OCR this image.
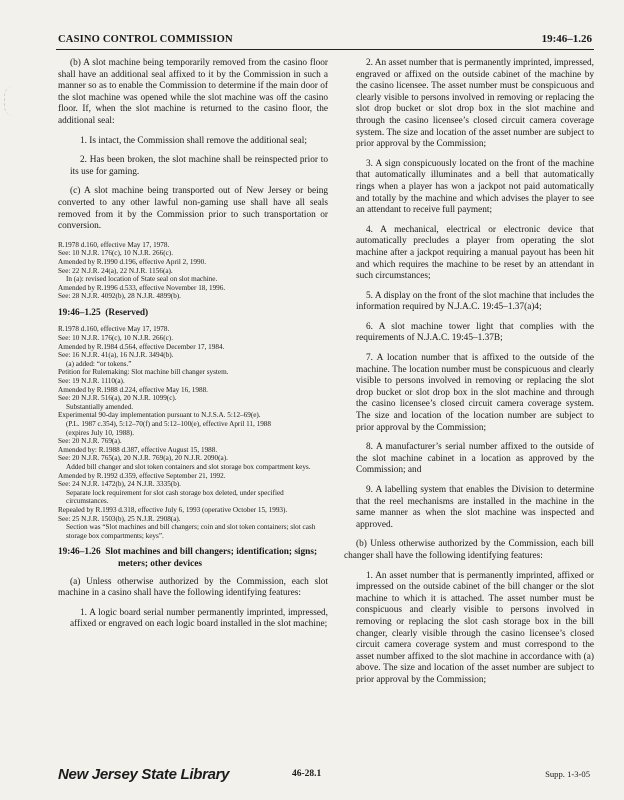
CASINO CONTROL COMMISSION	19:46–1.26

(b) A slot machine being temporarily removed from the casino floor shall have an additional seal affixed to it by the Commission in such a manner so as to enable the Commission to determine if the main door of the slot machine was opened while the slot machine was off the casino floor. If, when the slot machine is returned to the casino floor, the additional seal:

1. Is intact, the Commission shall remove the additional seal;

2. Has been broken, the slot machine shall be reinspected prior to its use for gaming.

(c) A slot machine being transported out of New Jersey or being converted to any other lawful non-gaming use shall have all seals removed from it by the Commission prior to such transportation or conversion.

R.1978 d.160, effective May 17, 1978.
See: 10 N.J.R. 176(c), 10 N.J.R. 266(c).
Amended by R.1990 d.196, effective April 2, 1990.
See: 22 N.J.R. 24(a), 22 N.J.R. 1156(a).
In (a): revised location of State seal on slot machine.
Amended by R.1996 d.533, effective November 18, 1996.
See: 28 N.J.R. 4092(b), 28 N.J.R. 4899(b).
19:46–1.25 (Reserved)
R.1978 d.160, effective May 17, 1978.
See: 10 N.J.R. 176(c), 10 N.J.R. 266(c).
Amended by R.1984 d.564, effective December 17, 1984.
See: 16 N.J.R. 41(a), 16 N.J.R. 3494(b).
(a) added: “or tokens.”
Petition for Rulemaking: Slot machine bill changer system.
See: 19 N.J.R. 1110(a).
Amended by R.1988 d.224, effective May 16, 1988.
See: 20 N.J.R. 516(a), 20 N.J.R. 1099(c).
Substantially amended.
Experimental 90-day implementation pursuant to N.J.S.A. 5:12–69(e).
(P.L. 1987 c.354), 5:12–70(f) and 5:12–100(e), effective April 11, 1988
(expires July 10, 1988).
See: 20 N.J.R. 769(a).
Amended by: R.1988 d.387, effective August 15, 1988.
See: 20 N.J.R. 765(a), 20 N.J.R. 769(a), 20 N.J.R. 2090(a).
Added bill changer and slot token containers and slot storage box compartment keys.
Amended by R.1992 d.359, effective September 21, 1992.
See: 24 N.J.R. 1472(b), 24 N.J.R. 3335(b).
Separate lock requirement for slot cash storage box deleted, under specified circumstances.
Repealed by R.1993 d.318, effective July 6, 1993 (operative October 15, 1993).
See: 25 N.J.R. 1503(b), 25 N.J.R. 2908(a).
Section was “Slot machines and bill changers; coin and slot token containers; slot cash storage box compartments; keys”.
19:46–1.26 Slot machines and bill changers; identification; signs; meters; other devices

(a) Unless otherwise authorized by the Commission, each slot machine in a casino shall have the following identifying features:

1. A logic board serial number permanently imprinted, impressed, affixed or engraved on each logic board installed in the slot machine;

2. An asset number that is permanently imprinted, impressed, engraved or affixed on the outside cabinet of the machine by the casino licensee. The asset number must be conspicuous and clearly visible to persons involved in removing or replacing the slot drop bucket or slot drop box in the slot machine and through the casino licensee’s closed circuit camera coverage system. The size and location of the asset number are subject to prior approval by the Commission;

3. A sign conspicuously located on the front of the machine that automatically illuminates and a bell that automatically rings when a player has won a jackpot not paid automatically and totally by the machine and which advises the player to see an attendant to receive full payment;

4. A mechanical, electrical or electronic device that automatically precludes a player from operating the slot machine after a jackpot requiring a manual payout has been hit and which requires the machine to be reset by an attendant in such circumstances;

5. A display on the front of the slot machine that includes the information required by N.J.A.C. 19:45–1.37(a)4;

6. A slot machine tower light that complies with the requirements of N.J.A.C. 19:45–1.37B;

7. A location number that is affixed to the outside of the machine. The location number must be conspicuous and clearly visible to persons involved in removing or replacing the slot drop bucket or slot drop box in the slot machine and through the casino licensee’s closed circuit camera coverage system. The size and location of the location number are subject to prior approval by the Commission;

8. A manufacturer’s serial number affixed to the outside of the slot machine cabinet in a location as approved by the Commission; and

9. A labelling system that enables the Division to determine that the reel mechanisms are installed in the machine in the same manner as when the slot machine was inspected and approved.

(b) Unless otherwise authorized by the Commission, each bill changer shall have the following identifying features:

1. An asset number that is permanently imprinted, affixed or impressed on the outside cabinet of the bill changer or the slot machine to which it is attached. The asset number must be conspicuous and clearly visible to persons involved in removing or replacing the slot cash storage box in the bill changer, clearly visible through the casino licensee’s closed circuit camera coverage system and must correspond to the asset number affixed to the slot machine in accordance with (a) above. The size and location of the asset number are subject to prior approval by the Commission;

New Jersey State Library	46-28.1	Supp. 1-3-05
